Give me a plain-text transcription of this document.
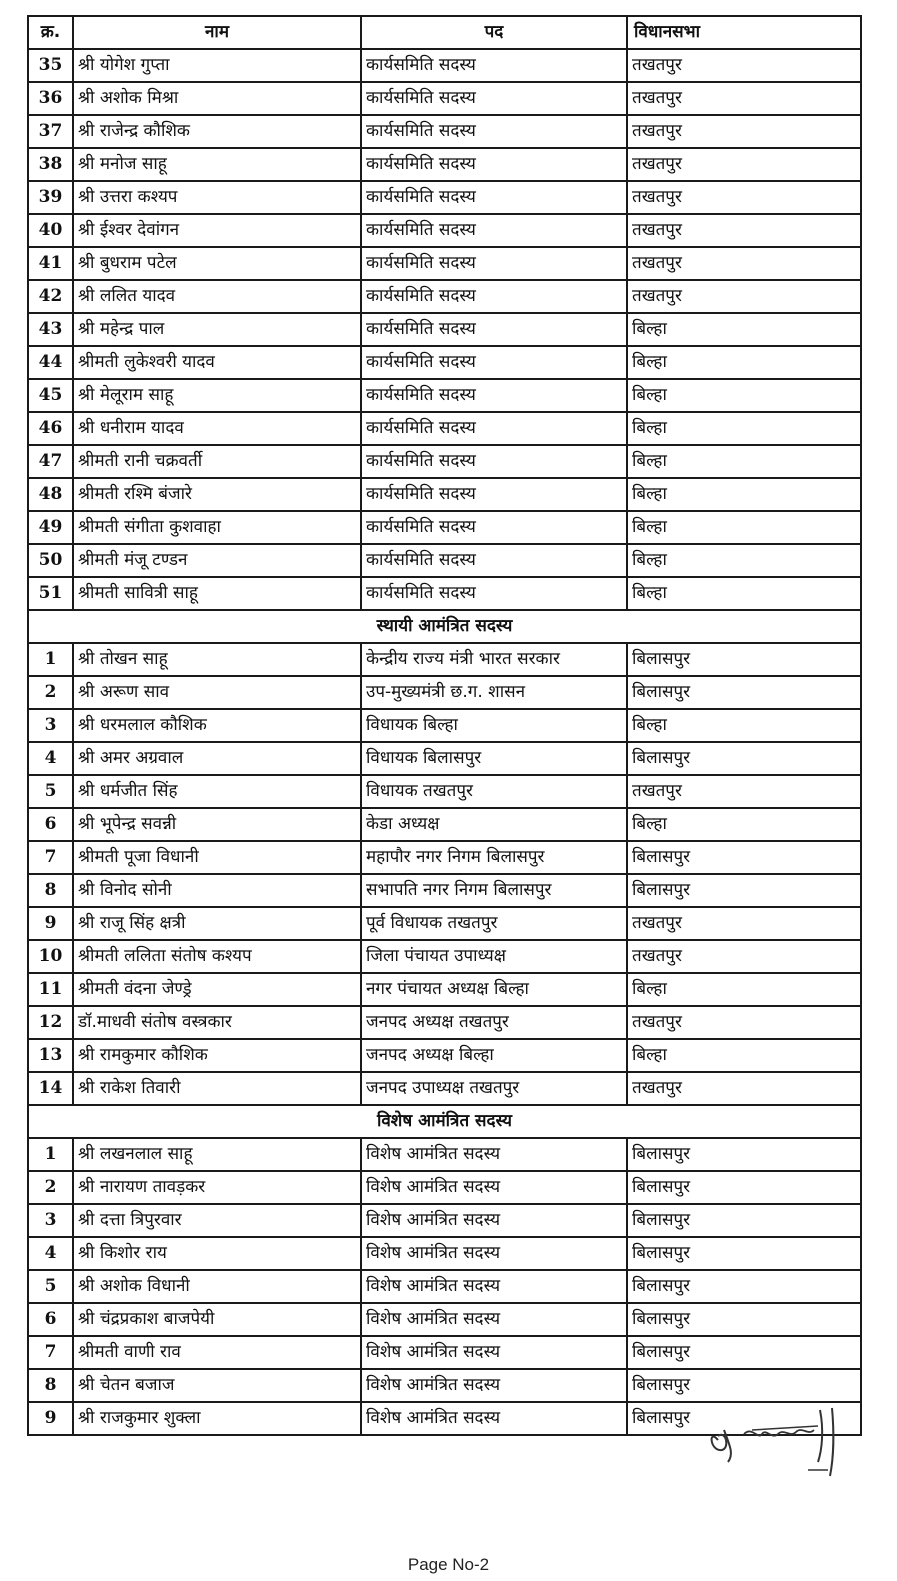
क्र.	नाम	पद	विधानसभा
35	श्री योगेश गुप्ता	कार्यसमिति सदस्य	तखतपुर
36	श्री अशोक मिश्रा	कार्यसमिति सदस्य	तखतपुर
37	श्री राजेन्द्र कौशिक	कार्यसमिति सदस्य	तखतपुर
38	श्री मनोज साहू	कार्यसमिति सदस्य	तखतपुर
39	श्री उत्तरा कश्यप	कार्यसमिति सदस्य	तखतपुर
40	श्री ईश्वर देवांगन	कार्यसमिति सदस्य	तखतपुर
41	श्री बुधराम पटेल	कार्यसमिति सदस्य	तखतपुर
42	श्री ललित यादव	कार्यसमिति सदस्य	तखतपुर
43	श्री महेन्द्र पाल	कार्यसमिति सदस्य	बिल्हा
44	श्रीमती लुकेश्वरी यादव	कार्यसमिति सदस्य	बिल्हा
45	श्री मेलूराम साहू	कार्यसमिति सदस्य	बिल्हा
46	श्री धनीराम यादव	कार्यसमिति सदस्य	बिल्हा
47	श्रीमती रानी चक्रवर्ती	कार्यसमिति सदस्य	बिल्हा
48	श्रीमती रश्मि बंजारे	कार्यसमिति सदस्य	बिल्हा
49	श्रीमती संगीता कुशवाहा	कार्यसमिति सदस्य	बिल्हा
50	श्रीमती मंजू टण्डन	कार्यसमिति सदस्य	बिल्हा
51	श्रीमती सावित्री साहू	कार्यसमिति सदस्य	बिल्हा
स्थायी आमंत्रित सदस्य			
1	श्री तोखन साहू	केन्द्रीय राज्य मंत्री भारत सरकार	बिलासपुर
2	श्री अरूण साव	उप-मुख्यमंत्री छ.ग. शासन	बिलासपुर
3	श्री धरमलाल कौशिक	विधायक बिल्हा	बिल्हा
4	श्री अमर अग्रवाल	विधायक बिलासपुर	बिलासपुर
5	श्री धर्मजीत सिंह	विधायक तखतपुर	तखतपुर
6	श्री भूपेन्द्र सवन्नी	केडा अध्यक्ष	बिल्हा
7	श्रीमती पूजा विधानी	महापौर नगर निगम बिलासपुर	बिलासपुर
8	श्री विनोद सोनी	सभापति नगर निगम बिलासपुर	बिलासपुर
9	श्री राजू सिंह क्षत्री	पूर्व विधायक तखतपुर	तखतपुर
10	श्रीमती ललिता संतोष कश्यप	जिला पंचायत उपाध्यक्ष	तखतपुर
11	श्रीमती वंदना जेण्ड्रे	नगर पंचायत अध्यक्ष बिल्हा	बिल्हा
12	डॉ.माधवी संतोष वस्त्रकार	जनपद अध्यक्ष तखतपुर	तखतपुर
13	श्री रामकुमार कौशिक	जनपद अध्यक्ष बिल्हा	बिल्हा
14	श्री राकेश तिवारी	जनपद उपाध्यक्ष तखतपुर	तखतपुर
विशेष आमंत्रित सदस्य			
1	श्री लखनलाल साहू	विशेष आमंत्रित सदस्य	बिलासपुर
2	श्री नारायण तावड़कर	विशेष आमंत्रित सदस्य	बिलासपुर
3	श्री दत्ता त्रिपुरवार	विशेष आमंत्रित सदस्य	बिलासपुर
4	श्री किशोर राय	विशेष आमंत्रित सदस्य	बिलासपुर
5	श्री अशोक विधानी	विशेष आमंत्रित सदस्य	बिलासपुर
6	श्री चंद्रप्रकाश बाजपेयी	विशेष आमंत्रित सदस्य	बिलासपुर
7	श्रीमती वाणी राव	विशेष आमंत्रित सदस्य	बिलासपुर
8	श्री चेतन बजाज	विशेष आमंत्रित सदस्य	बिलासपुर
9	श्री राजकुमार शुक्ला	विशेष आमंत्रित सदस्य	बिलासपुर
Page No-2
